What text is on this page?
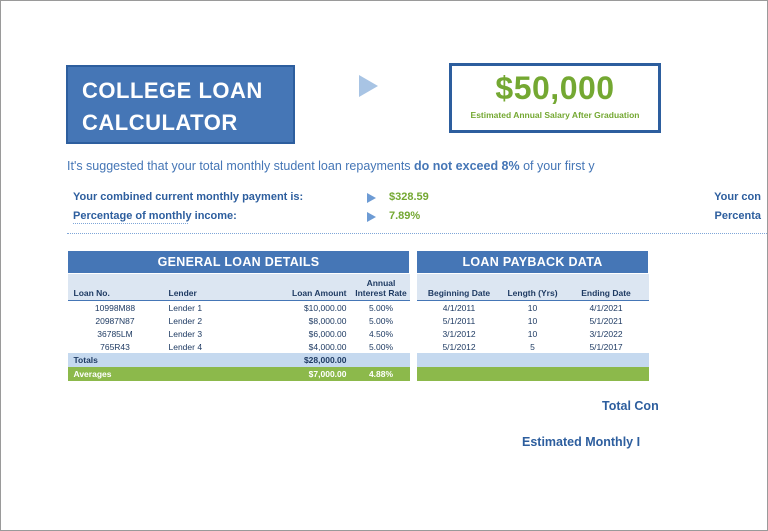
COLLEGE LOAN
CALCULATOR
$50,000
Estimated Annual Salary After Graduation
It's suggested that your total monthly student loan repayments do not exceed 8% of your first y
Your combined current monthly payment is:	$328.59	Your con
Percentage of monthly income:	7.89%	Percenta
GENERAL LOAN DETAILS					LOAN PAYBACK DATA		
Loan No.	Lender	Loan Amount	Annual Interest Rate		Beginning Date	Length (Yrs)	Ending Date
10998M88	Lender 1	$10,000.00	5.00%		4/1/2011	10	4/1/2021
20987N87	Lender 2	$8,000.00	5.00%		5/1/2011	10	5/1/2021
36785LM	Lender 3	$6,000.00	4.50%		3/1/2012	10	3/1/2022
765R43	Lender 4	$4,000.00	5.00%		5/1/2012	5	5/1/2017
Totals		$28,000.00					
Averages		$7,000.00	4.88%				
Total Con
Estimated Monthly I
